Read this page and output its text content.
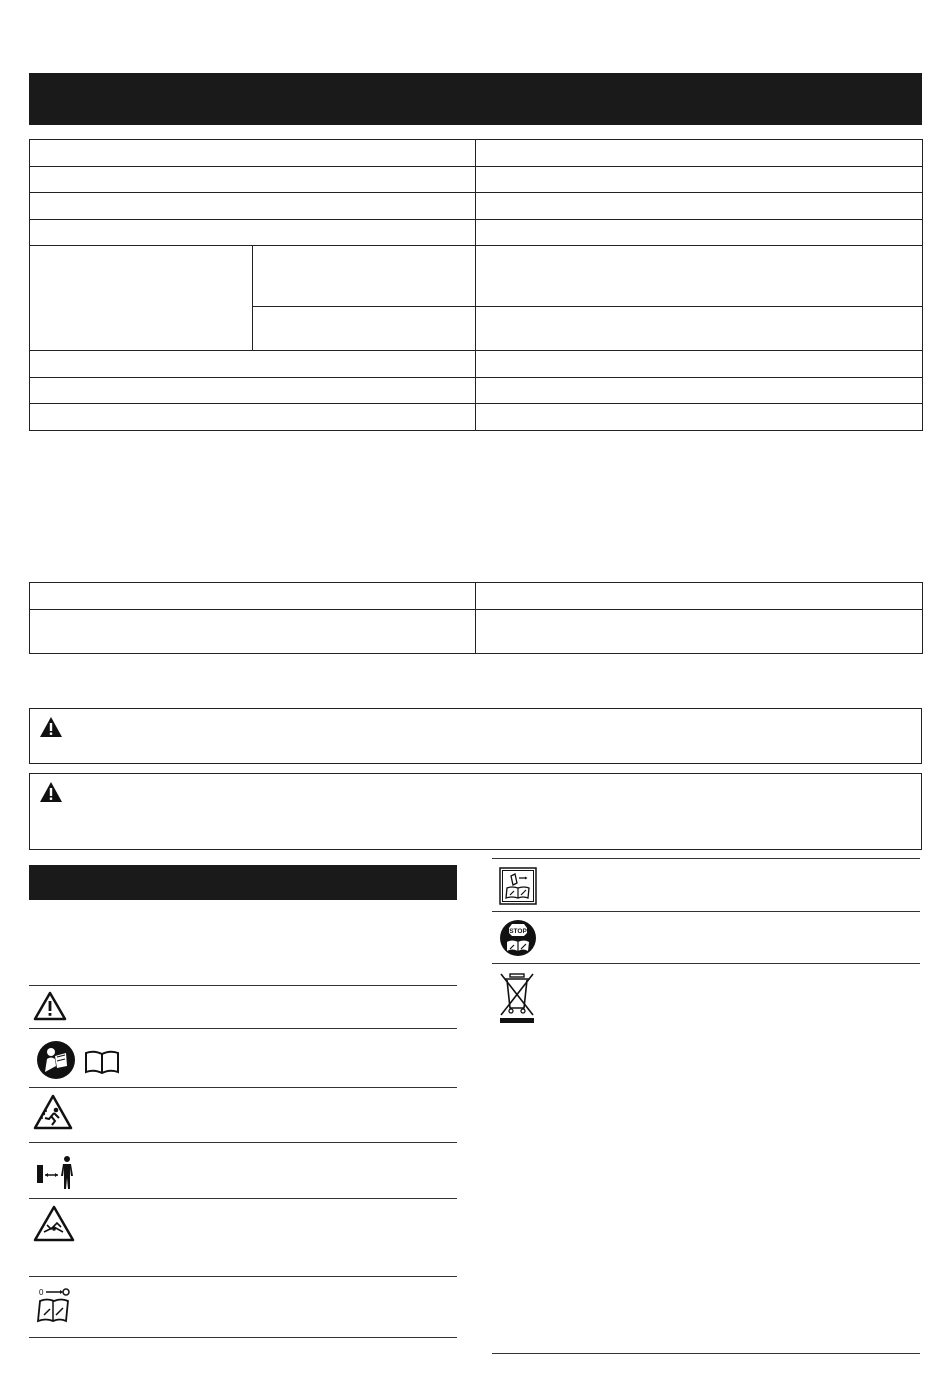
0
STOP
